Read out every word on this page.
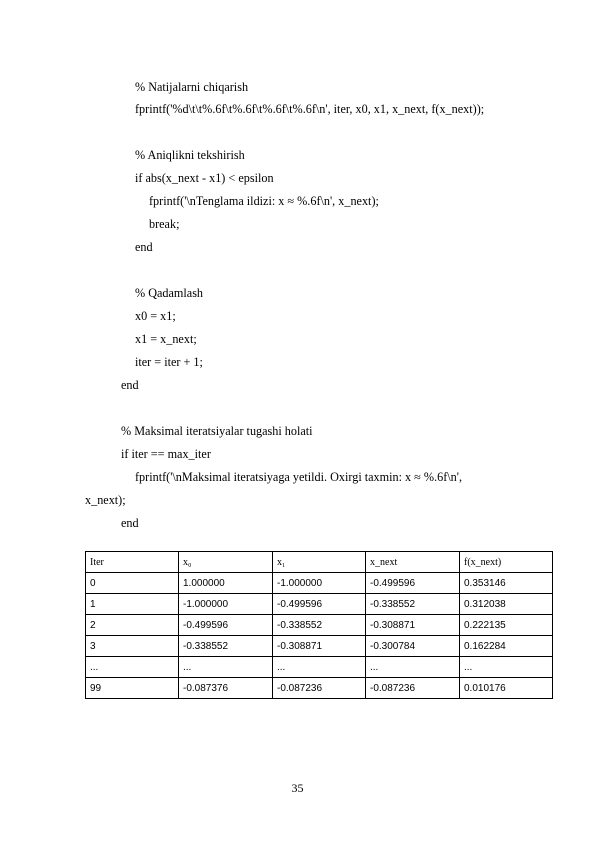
% Natijalarni chiqarish
fprintf('%d\t\t%.6f\t%.6f\t%.6f\t%.6f\n', iter, x0, x1, x_next, f(x_next));
% Aniqlikni tekshirish
if abs(x_next - x1) < epsilon
fprintf('\nTenglama ildizi: x ≈ %.6f\n', x_next);
break;
end
% Qadamlash
x0 = x1;
x1 = x_next;
iter = iter + 1;
end
% Maksimal iteratsiyalar tugashi holati
if iter == max_iter
fprintf('\nMaksimal iteratsiyaga yetildi. Oxirgi taxmin: x ≈ %.6f\n',
x_next);
end
Iter	x₀	x₁	x_next	f(x_next)
0	1.000000	-1.000000	-0.499596	0.353146
1	-1.000000	-0.499596	-0.338552	0.312038
2	-0.499596	-0.338552	-0.308871	0.222135
3	-0.338552	-0.308871	-0.300784	0.162284
...	...	...	...	...
99	-0.087376	-0.087236	-0.087236	0.010176
35
